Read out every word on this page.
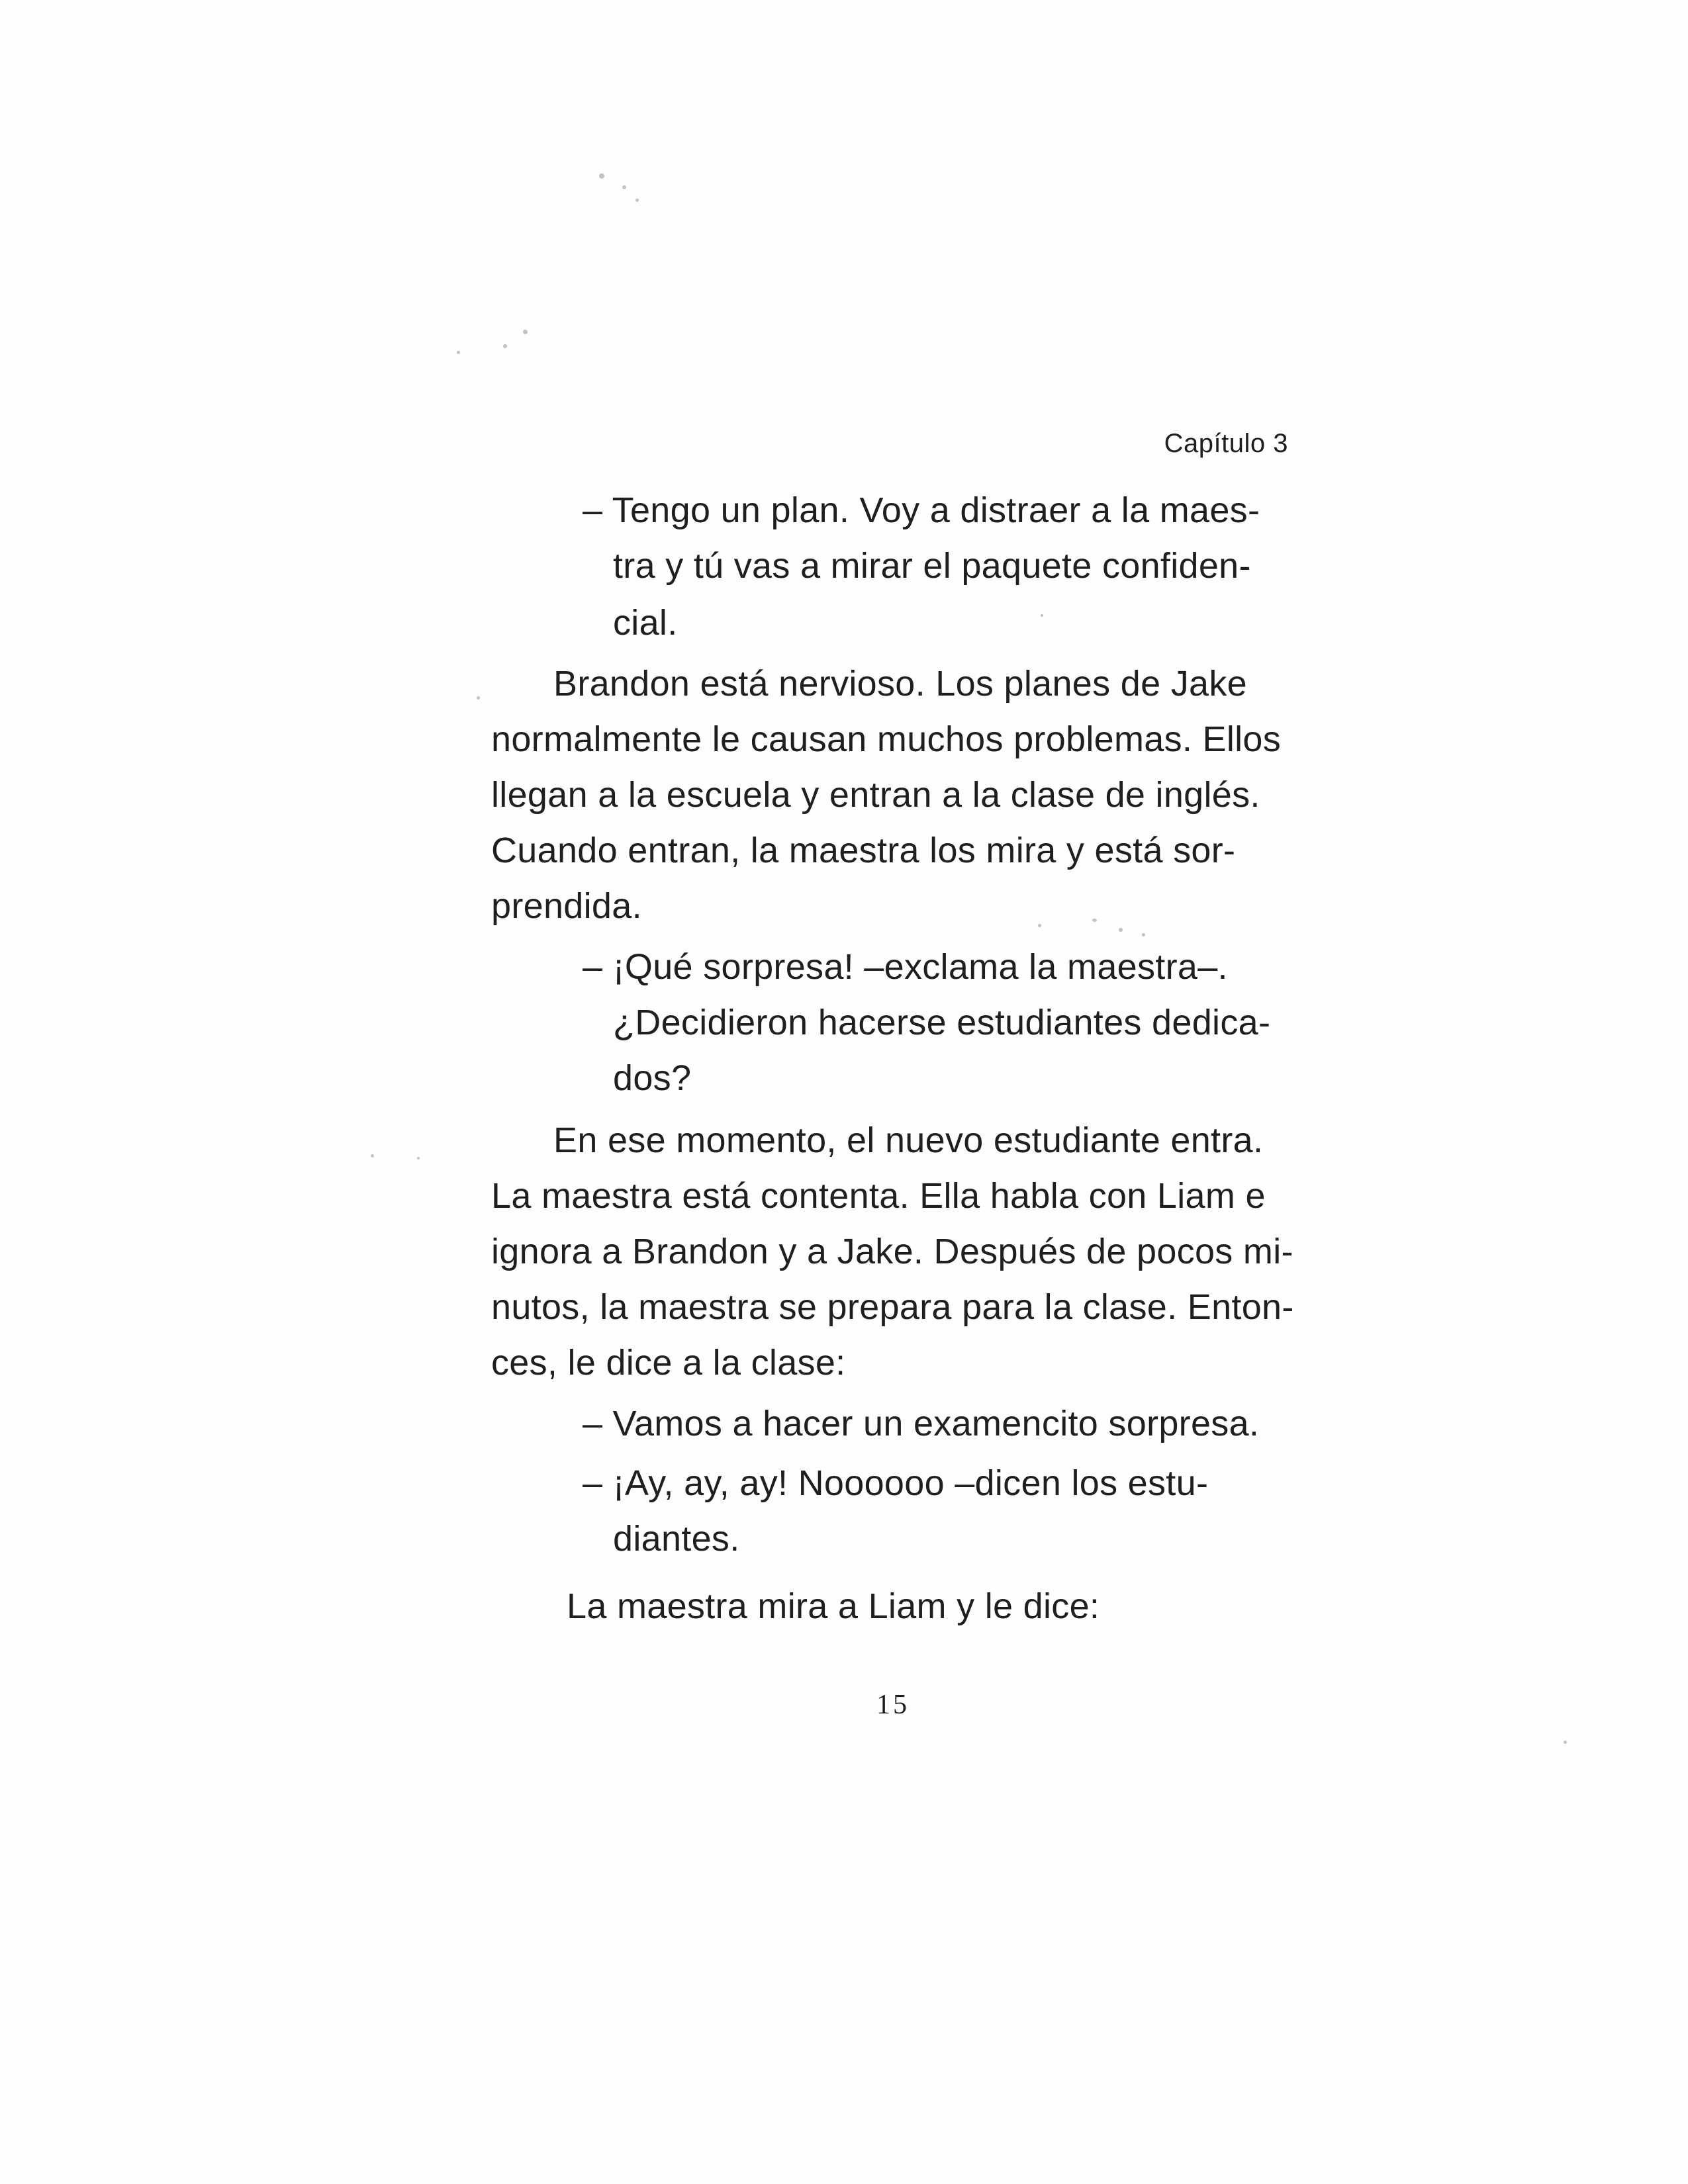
Capítulo 3
– Tengo un plan. Voy a distraer a la maes-
tra y tú vas a mirar el paquete confiden-
cial.
Brandon está nervioso. Los planes de Jake
normalmente le causan muchos problemas. Ellos
llegan a la escuela y entran a la clase de inglés.
Cuando entran, la maestra los mira y está sor-
prendida.
– ¡Qué sorpresa! –exclama la maestra–.
¿Decidieron hacerse estudiantes dedica-
dos?
En ese momento, el nuevo estudiante entra.
La maestra está contenta. Ella habla con Liam e
ignora a Brandon y a Jake. Después de pocos mi-
nutos, la maestra se prepara para la clase. Enton-
ces, le dice a la clase:
– Vamos a hacer un examencito sorpresa.
– ¡Ay, ay, ay! Noooooo –dicen los estu-
diantes.
La maestra mira a Liam y le dice:
15
